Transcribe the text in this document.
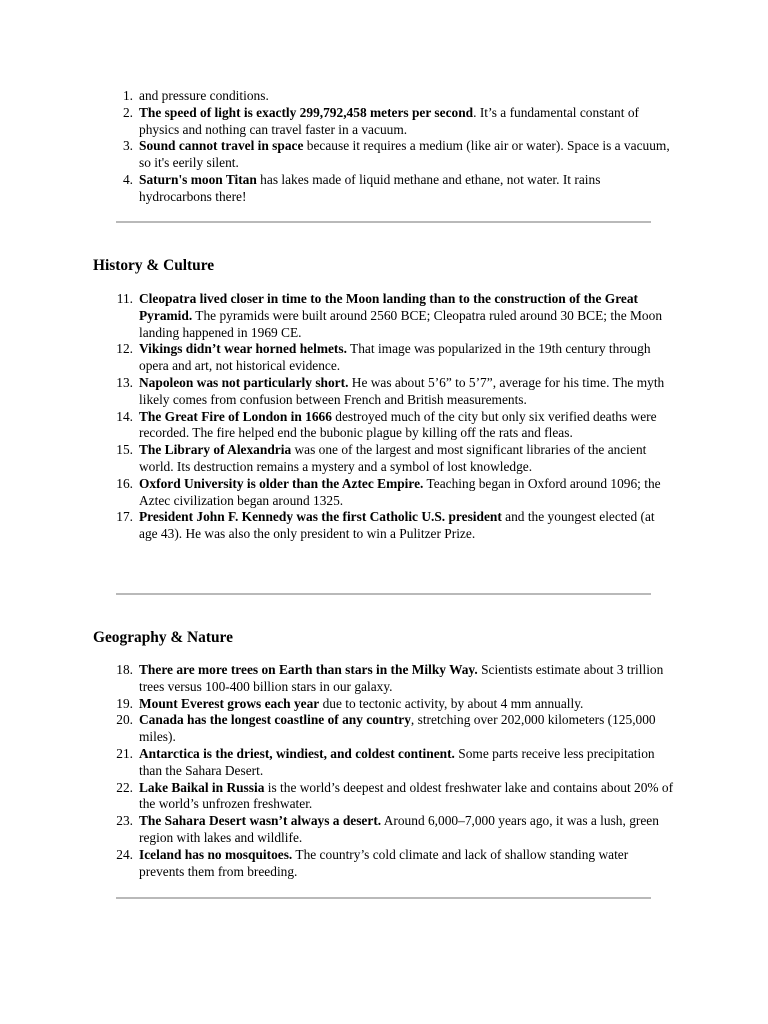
1. and pressure conditions.
2. The speed of light is exactly 299,792,458 meters per second. It’s a fundamental constant of physics and nothing can travel faster in a vacuum.
3. Sound cannot travel in space because it requires a medium (like air or water). Space is a vacuum, so it's eerily silent.
4. Saturn's moon Titan has lakes made of liquid methane and ethane, not water. It rains hydrocarbons there!
History & Culture
11. Cleopatra lived closer in time to the Moon landing than to the construction of the Great Pyramid. The pyramids were built around 2560 BCE; Cleopatra ruled around 30 BCE; the Moon landing happened in 1969 CE.
12. Vikings didn’t wear horned helmets. That image was popularized in the 19th century through opera and art, not historical evidence.
13. Napoleon was not particularly short. He was about 5’6” to 5’7”, average for his time. The myth likely comes from confusion between French and British measurements.
14. The Great Fire of London in 1666 destroyed much of the city but only six verified deaths were recorded. The fire helped end the bubonic plague by killing off the rats and fleas.
15. The Library of Alexandria was one of the largest and most significant libraries of the ancient world. Its destruction remains a mystery and a symbol of lost knowledge.
16. Oxford University is older than the Aztec Empire. Teaching began in Oxford around 1096; the Aztec civilization began around 1325.
17. President John F. Kennedy was the first Catholic U.S. president and the youngest elected (at age 43). He was also the only president to win a Pulitzer Prize.
Geography & Nature
18. There are more trees on Earth than stars in the Milky Way. Scientists estimate about 3 trillion trees versus 100-400 billion stars in our galaxy.
19. Mount Everest grows each year due to tectonic activity, by about 4 mm annually.
20. Canada has the longest coastline of any country, stretching over 202,000 kilometers (125,000 miles).
21. Antarctica is the driest, windiest, and coldest continent. Some parts receive less precipitation than the Sahara Desert.
22. Lake Baikal in Russia is the world’s deepest and oldest freshwater lake and contains about 20% of the world’s unfrozen freshwater.
23. The Sahara Desert wasn’t always a desert. Around 6,000–7,000 years ago, it was a lush, green region with lakes and wildlife.
24. Iceland has no mosquitoes. The country’s cold climate and lack of shallow standing water prevents them from breeding.
